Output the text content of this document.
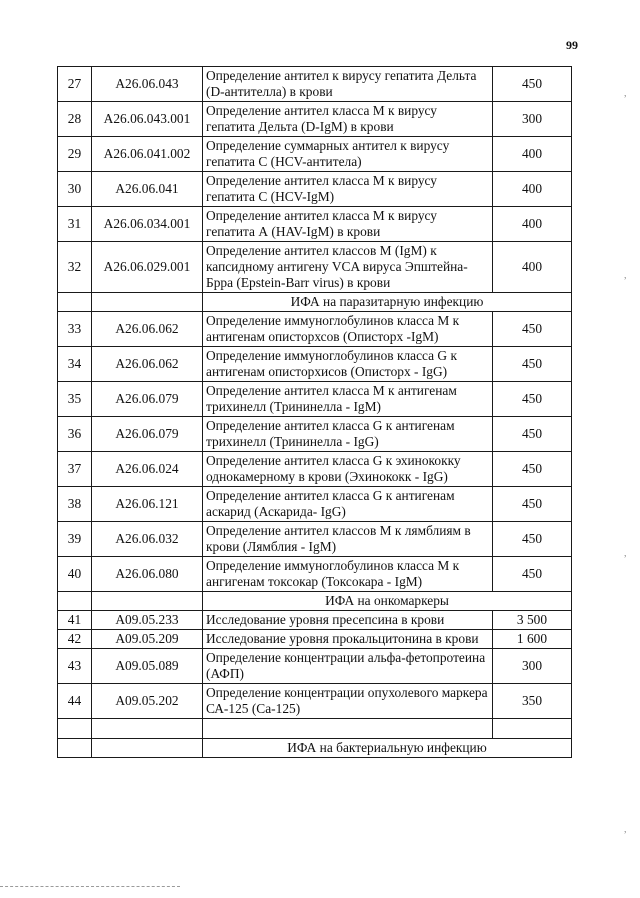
99
27	A26.06.043	Определение антител к вирусу гепатита Дельта (D-антителла) в крови	450
28	A26.06.043.001	Определение антител класса М к вирусу гепатита Дельта (D-IgM) в крови	300
29	A26.06.041.002	Определение суммарных антител к вирусу гепатита С (HCV-антитела)	400
30	A26.06.041	Определение антител класса М к вирусу гепатита С (HCV-IgM)	400
31	A26.06.034.001	Определение антител класса М к вирусу гепатита А (HAV-IgM) в крови	400
32	A26.06.029.001	Определение антител классов M (IgM) к капсидному антигену VCA вируса Эпштейна-Брра (Epstein-Barr virus) в крови	400
		ИФА на паразитарную инфекцию	
33	A26.06.062	Определение иммуноглобулинов класса М к антигенам описторхсов (Описторх -IgM)	450
34	A26.06.062	Определение иммуноглобулинов класса G к антигенам описторхисов (Описторх - IgG)	450
35	A26.06.079	Определение антител класса М к антигенам трихинелл (Трининелла - IgM)	450
36	A26.06.079	Определение антител класса G к антигенам трихинелл (Трининелла - IgG)	450
37	A26.06.024	Определение антител класса G к эхинококку однокамерному в крови (Эхинококк - IgG)	450
38	A26.06.121	Определение антител класса G к антигенам аскарид (Аскарида- IgG)	450
39	A26.06.032	Определение антител классов M к лямблиям в крови (Лямблия - IgM)	450
40	A26.06.080	Определение иммуноглобулинов класса М к ангигенам токсокар (Токсокара - IgM)	450
		ИФА на онкомаркеры	
41	A09.05.233	Исследование уровня пресепсина в крови	3 500
42	A09.05.209	Исследование уровня прокальцитонина в крови	1 600
43	A09.05.089	Определение концентрации альфа-фетопротеина (АФП)	300
44	A09.05.202	Определение концентрации опухолевого маркера СА-125 (Са-125)	350

		ИФА на бактериальную инфекцию	
,
,
,
,
